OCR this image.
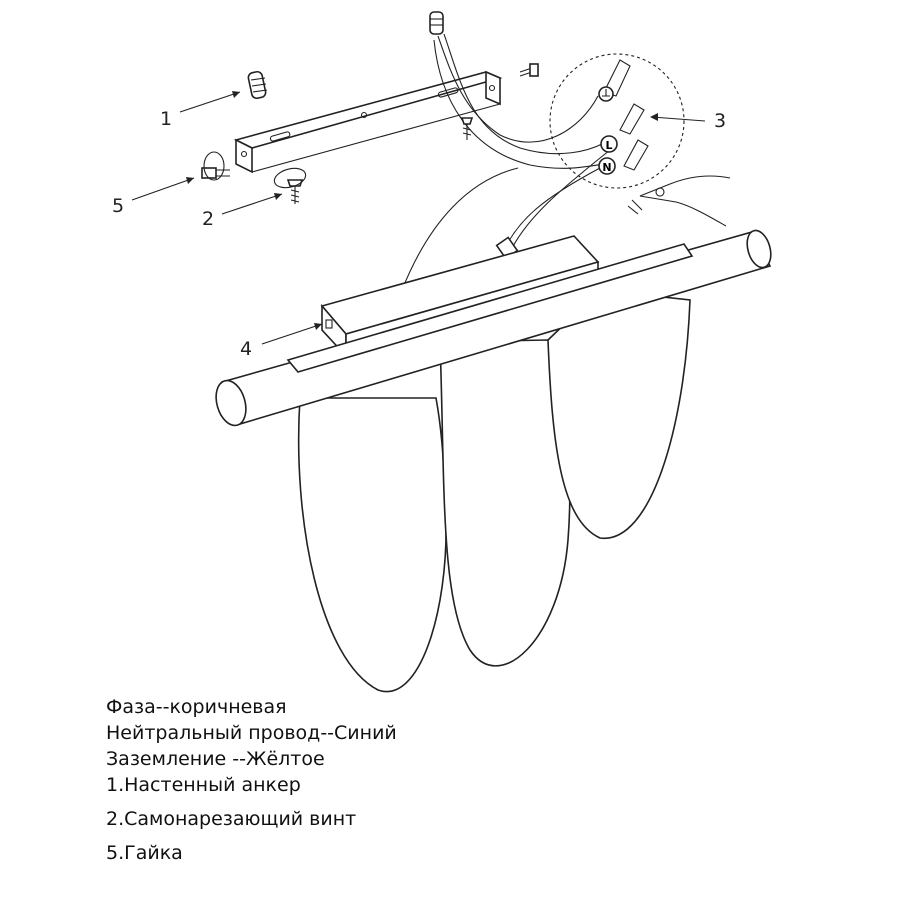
L
N
1
2
3
4
5
Фаза--коричневая
Нейтральный провод--Синий
Заземление --Жёлтое
1.Настенный анкер
2.Самонарезающий винт
5.Гайка
